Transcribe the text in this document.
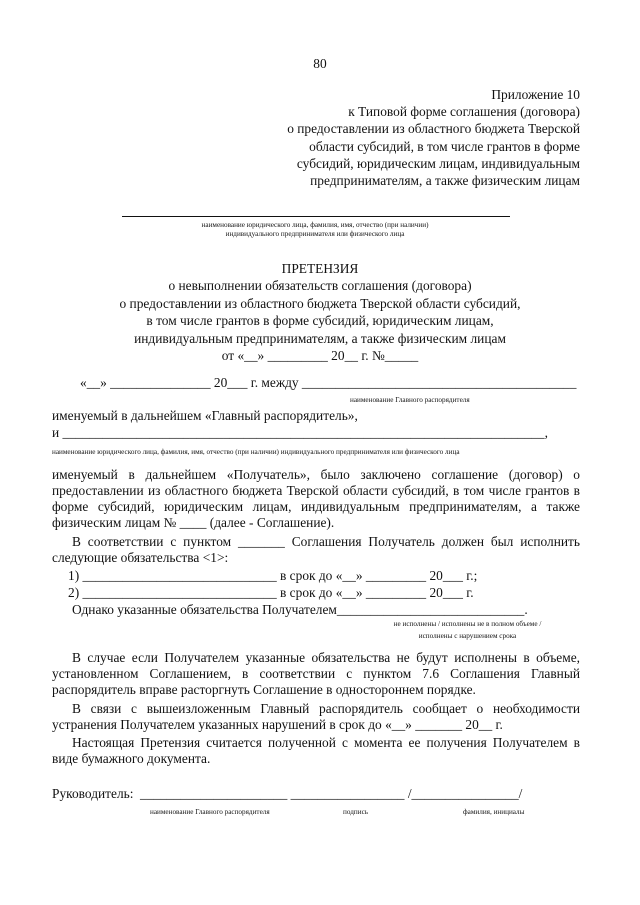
80
Приложение 10
к Типовой форме соглашения (договора)
о предоставлении из областного бюджета Тверской
области субсидий, в том числе грантов в форме
субсидий, юридическим лицам, индивидуальным
предпринимателям, а также физическим лицам
наименование юридического лица, фамилия, имя, отчество (при наличии)
индивидуального предпринимателя или физического лица
ПРЕТЕНЗИЯ
о невыполнении обязательств соглашения (договора)
о предоставлении из областного бюджета Тверской области субсидий,
в том числе грантов в форме субсидий, юридическим лицам,
индивидуальным предпринимателям, а также физическим лицам
от «__» _________ 20__ г. №_____
«__» _______________ 20___ г. между _________________________________________
наименование Главного распорядителя
именуемый в дальнейшем «Главный распорядитель»,
и ________________________________________________________________________,
наименование юридического лица, фамилия, имя, отчество (при наличии) индивидуального предпринимателя или физического лица
именуемый в дальнейшем «Получатель», было заключено соглашение (договор) о предоставлении из областного бюджета Тверской области субсидий, в том числе грантов в форме субсидий, юридическим лицам, индивидуальным предпринимателям, а также физическим лицам № ____ (далее - Соглашение).
В соответствии с пунктом _______ Соглашения Получатель должен был исполнить следующие обязательства <1>:
1) _____________________________ в срок до «__» _________ 20___ г.;
2) _____________________________ в срок до «__» _________ 20___ г.
Однако указанные обязательства Получателем____________________________.
не исполнены / исполнены не в полном объеме /
исполнены с нарушением срока
В случае если Получателем указанные обязательства не будут исполнены в объеме, установленном Соглашением, в соответствии с пунктом 7.6 Соглашения Главный распорядитель вправе расторгнуть Соглашение в одностороннем порядке.
В связи с вышеизложенным Главный распорядитель сообщает о необходимости устранения Получателем указанных нарушений в срок до «__» _______ 20__ г.
Настоящая Претензия считается полученной с момента ее получения Получателем в виде бумажного документа.
Руководитель: ______________________ _________________ /________________/
наименование Главного распорядителя	подпись	фамилия, инициалы
